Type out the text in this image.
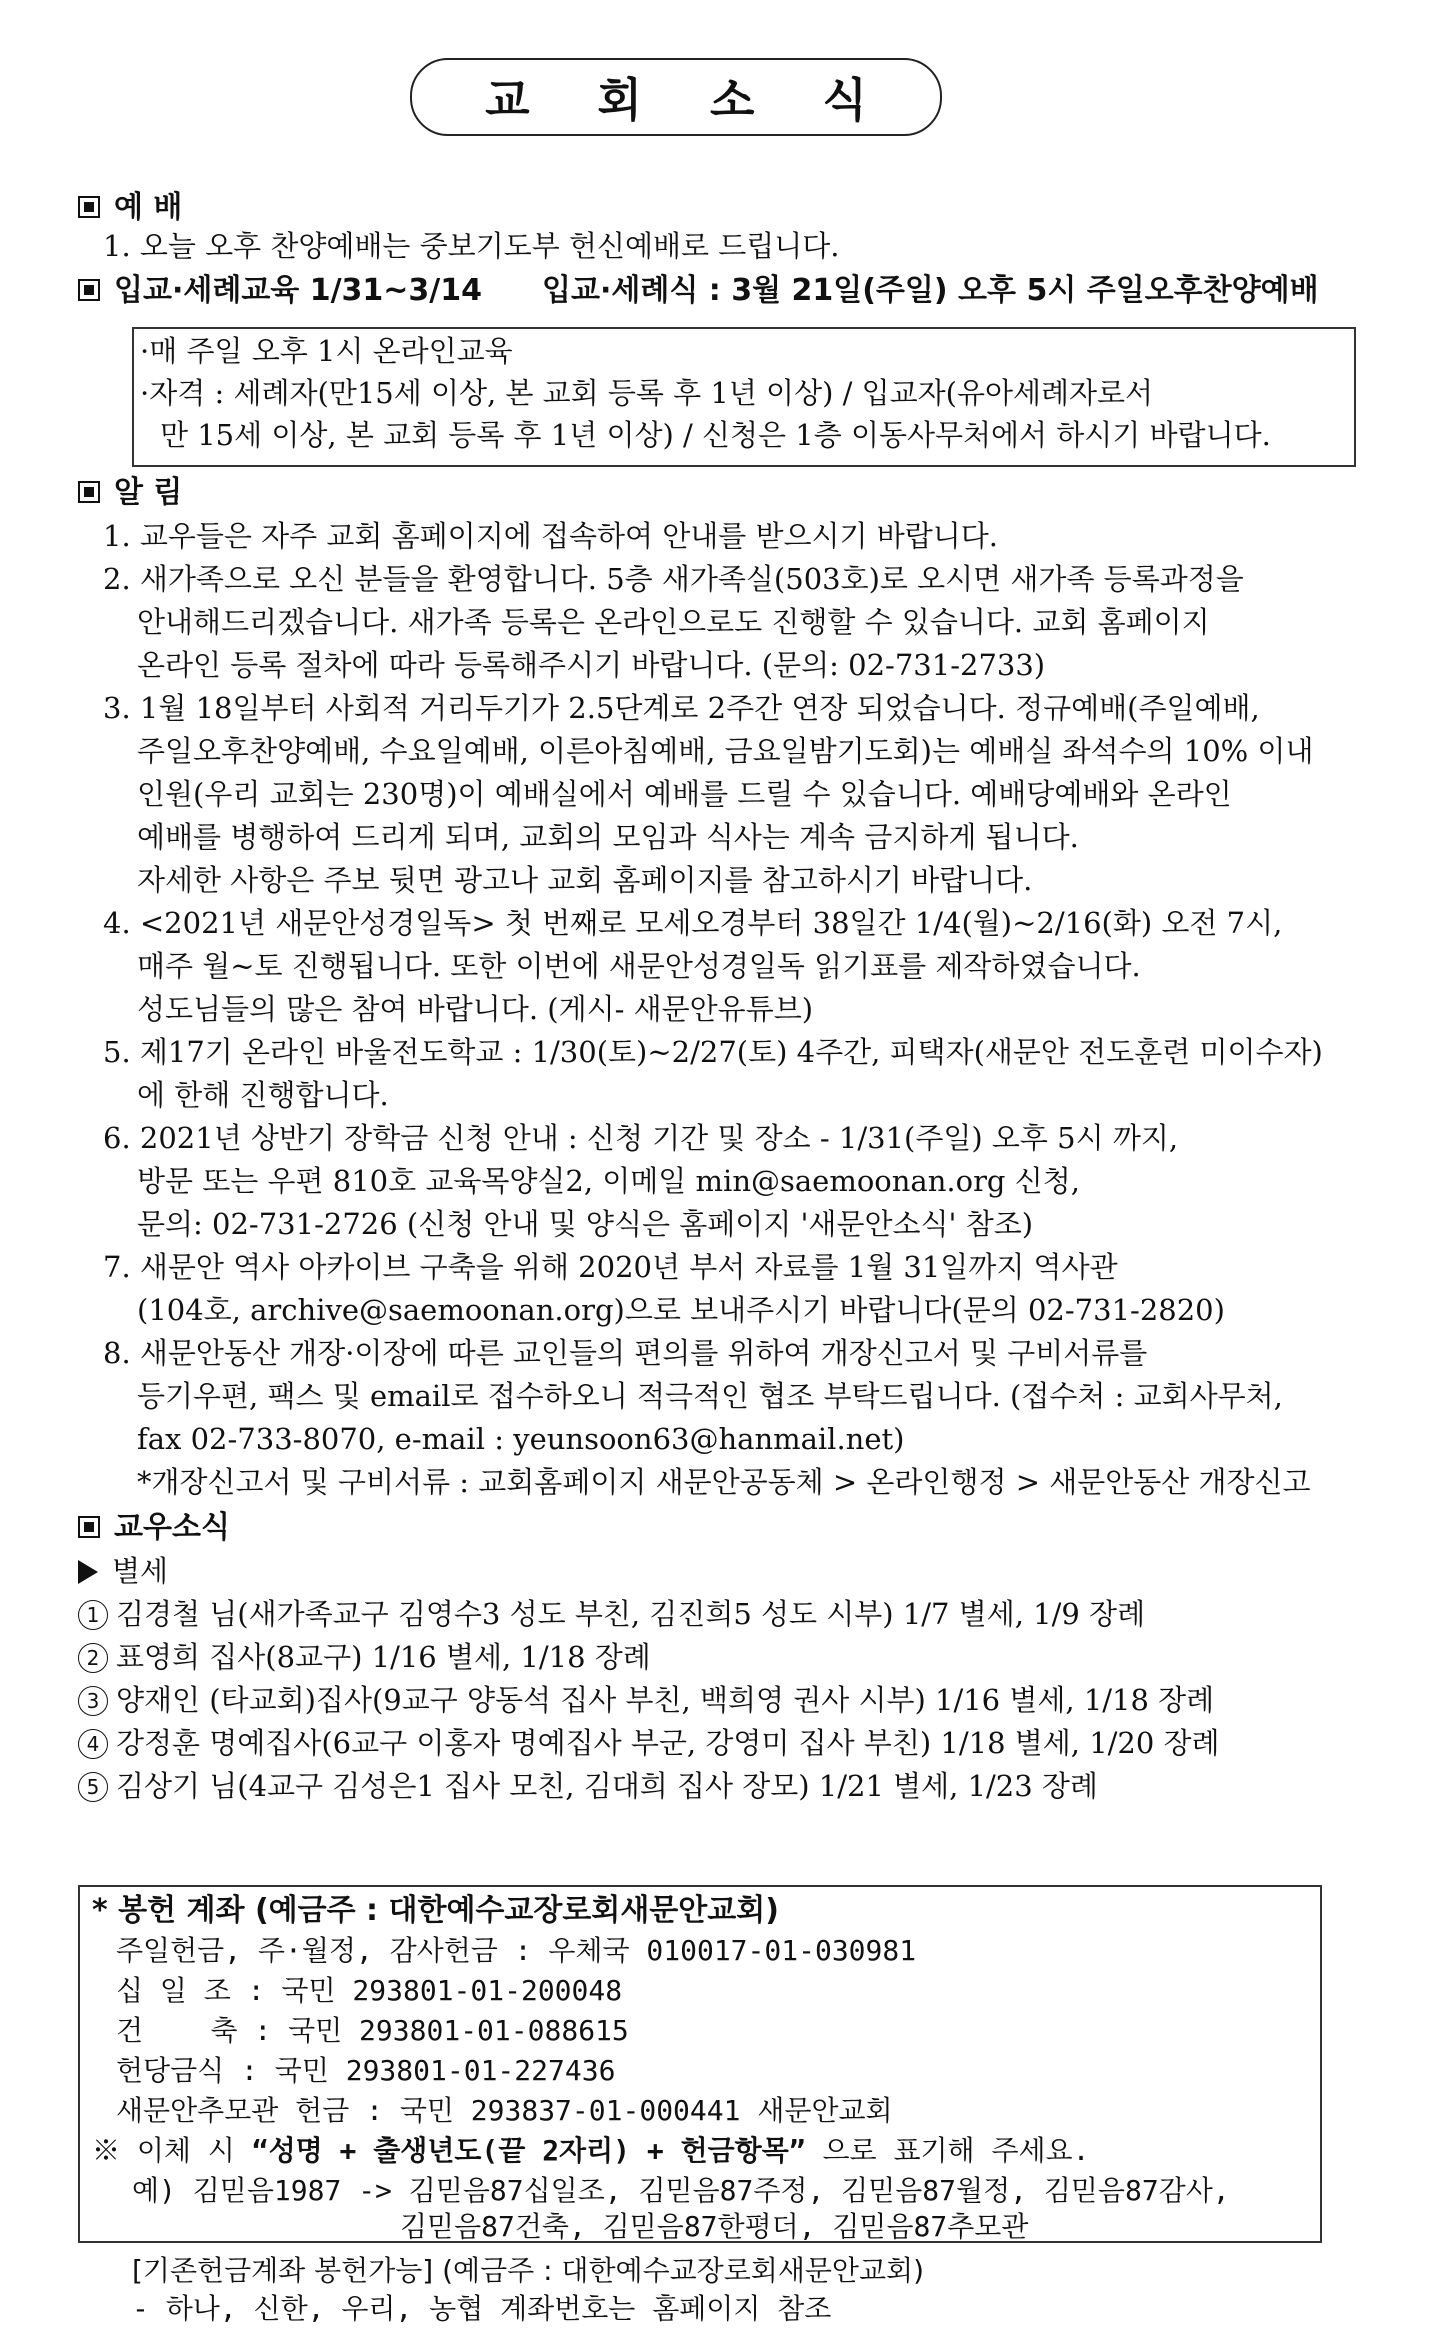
교 회 소 식
예 배
1. 오늘 오후 찬양예배는 중보기도부 헌신예배로 드립니다.
입교·세례교육 1/31~3/14 입교·세례식 : 3월 21일(주일) 오후 5시 주일오후찬양예배
·매 주일 오후 1시 온라인교육
·자격 : 세례자(만15세 이상, 본 교회 등록 후 1년 이상) / 입교자(유아세례자로서
만 15세 이상, 본 교회 등록 후 1년 이상) / 신청은 1층 이동사무처에서 하시기 바랍니다.
알 림
1. 교우들은 자주 교회 홈페이지에 접속하여 안내를 받으시기 바랍니다.
2. 새가족으로 오신 분들을 환영합니다. 5층 새가족실(503호)로 오시면 새가족 등록과정을
안내해드리겠습니다. 새가족 등록은 온라인으로도 진행할 수 있습니다. 교회 홈페이지
온라인 등록 절차에 따라 등록해주시기 바랍니다. (문의: 02-731-2733)
3. 1월 18일부터 사회적 거리두기가 2.5단계로 2주간 연장 되었습니다. 정규예배(주일예배,
주일오후찬양예배, 수요일예배, 이른아침예배, 금요일밤기도회)는 예배실 좌석수의 10% 이내
인원(우리 교회는 230명)이 예배실에서 예배를 드릴 수 있습니다. 예배당예배와 온라인
예배를 병행하여 드리게 되며, 교회의 모임과 식사는 계속 금지하게 됩니다.
자세한 사항은 주보 뒷면 광고나 교회 홈페이지를 참고하시기 바랍니다.
4. <2021년 새문안성경일독> 첫 번째로 모세오경부터 38일간 1/4(월)~2/16(화) 오전 7시,
매주 월~토 진행됩니다. 또한 이번에 새문안성경일독 읽기표를 제작하였습니다.
성도님들의 많은 참여 바랍니다. (게시- 새문안유튜브)
5. 제17기 온라인 바울전도학교 : 1/30(토)~2/27(토) 4주간, 피택자(새문안 전도훈련 미이수자)
에 한해 진행합니다.
6. 2021년 상반기 장학금 신청 안내 : 신청 기간 및 장소 - 1/31(주일) 오후 5시 까지,
방문 또는 우편 810호 교육목양실2, 이메일 min@saemoonan.org 신청,
문의: 02-731-2726 (신청 안내 및 양식은 홈페이지 '새문안소식' 참조)
7. 새문안 역사 아카이브 구축을 위해 2020년 부서 자료를 1월 31일까지 역사관
(104호, archive@saemoonan.org)으로 보내주시기 바랍니다(문의 02-731-2820)
8. 새문안동산 개장·이장에 따른 교인들의 편의를 위하여 개장신고서 및 구비서류를
등기우편, 팩스 및 email로 접수하오니 적극적인 협조 부탁드립니다. (접수처 : 교회사무처,
fax 02-733-8070, e-mail : yeunsoon63@hanmail.net)
*개장신고서 및 구비서류 : 교회홈페이지 새문안공동체 > 온라인행정 > 새문안동산 개장신고
교우소식
별세
1 김경철 님(새가족교구 김영수3 성도 부친, 김진희5 성도 시부) 1/7 별세, 1/9 장례
2 표영희 집사(8교구) 1/16 별세, 1/18 장례
3 양재인 (타교회)집사(9교구 양동석 집사 부친, 백희영 권사 시부) 1/16 별세, 1/18 장례
4 강정훈 명예집사(6교구 이홍자 명예집사 부군, 강영미 집사 부친) 1/18 별세, 1/20 장례
5 김상기 님(4교구 김성은1 집사 모친, 김대희 집사 장모) 1/21 별세, 1/23 장례
* 봉헌 계좌 (예금주 : 대한예수교장로회새문안교회)
주일헌금, 주·월정, 감사헌금 : 우체국 010017-01-030981
십 일 조 : 국민 293801-01-200048
건    축 : 국민 293801-01-088615
헌당금식 : 국민 293801-01-227436
새문안추모관 헌금 : 국민 293837-01-000441 새문안교회
※ 이체 시 “성명 + 출생년도(끝 2자리) + 헌금항목” 으로 표기해 주세요.
예) 김믿음1987 -> 김믿음87십일조, 김믿음87주정, 김믿음87월정, 김믿음87감사,
김믿음87건축, 김믿음87한평더, 김믿음87추모관
[기존헌금계좌 봉헌가능] (예금주 : 대한예수교장로회새문안교회)
- 하나, 신한, 우리, 농협 계좌번호는 홈페이지 참조
